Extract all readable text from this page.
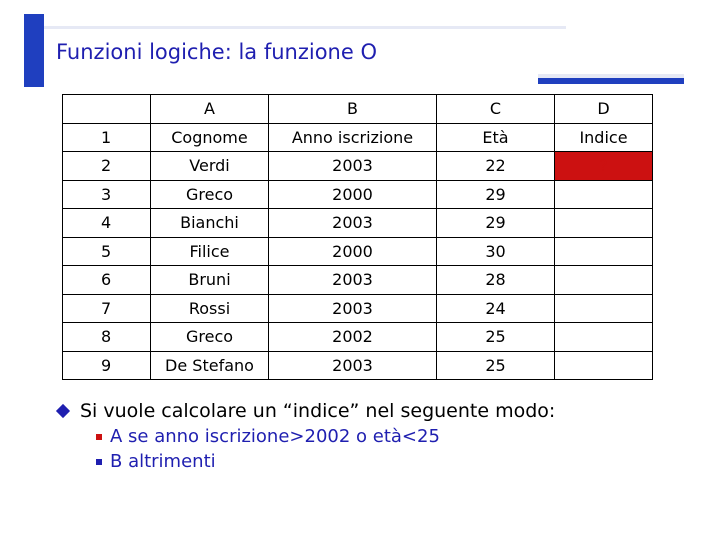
Funzioni logiche: la funzione O
	A	B	C	D
1	Cognome	Anno iscrizione	Età	Indice
2	Verdi	2003	22	?
3	Greco	2000	29	
4	Bianchi	2003	29	
5	Filice	2000	30	
6	Bruni	2003	28	
7	Rossi	2003	24	
8	Greco	2002	25	
9	De Stefano	2003	25	
Si vuole calcolare un “indice” nel seguente modo:
A se anno iscrizione>2002 o età<25
B altrimenti
